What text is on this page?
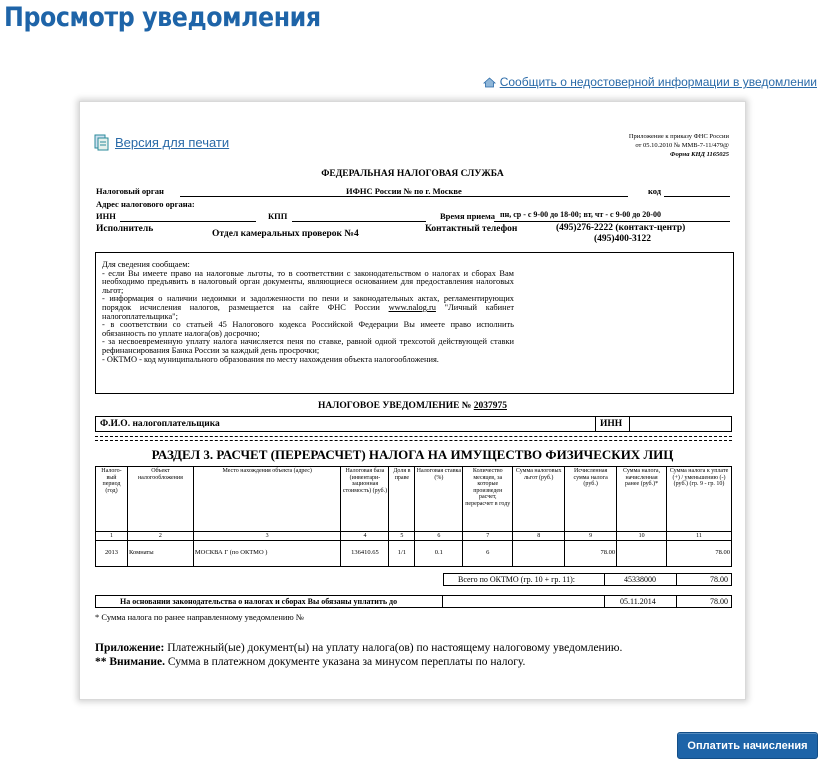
Просмотр уведомления
Сообщить о недостоверной информации в уведомлении
Версия для печати	Приложение к приказу ФНС России
от 05.10.2010 № ММВ-7-11/479@
Форма КНД 1165025
ФЕДЕРАЛЬНАЯ НАЛОГОВАЯ СЛУЖБА
Налоговый орган	ИФНС России № по г. Москве	код
Адрес налогового органа:
ИНН	КПП	Время приема пн, ср - с 9-00 до 18-00; вт, чт - с 9-00 до 20-00
Исполнитель	Отдел камеральных проверок №4	Контактный телефон	(495)276-2222 (контакт-центр)
(495)400-3122

Для сведения сообщаем:

- если Вы имеете право на налоговые льготы, то в соответствии с законодательством о налогах и сборах Вам необходимо предъявить в налоговый орган документы, являющиеся основанием для предоставления налоговых льгот;

- информация о наличии недоимки и задолженности по пени и законодательных актах, регламентирующих порядок исчисления налогов, размещается на сайте ФНС России www.nalog.ru "Личный кабинет налогоплательщика";

- в соответствии со статьей 45 Налогового кодекса Российской Федерации Вы имеете право исполнить обязанность по уплате налога(ов) досрочно;

- за несвоевременную уплату налога начисляется пеня по ставке, равной одной трехсотой действующей ставки рефинансирования Банка России за каждый день просрочки;

- ОКТМО - код муниципального образования по месту нахождения объекта налогообложения.

НАЛОГОВОЕ УВЕДОМЛЕНИЕ № 2037975
Ф.И.О. налогоплательщика	ИНН
РАЗДЕЛ 3. РАСЧЕТ (ПЕРЕРАСЧЕТ) НАЛОГА НА ИМУЩЕСТВО ФИЗИЧЕСКИХ ЛИЦ
Налого-вый период (год)	Объект налогообложения	Место нахождения объекта (адрес)	Налоговая база (инвентари-зационная стоимость) (руб.)	Доля в праве	Налоговая ставка (%)	Количество месяцев, за которые произведен расчет, перерасчет в году	Сумма налоговых льгот (руб.)	Исчисленная сумма налога (руб.)	Сумма налога, начисленная ранее (руб.)*	Сумма налога к уплате (+) / уменьшению (-) (руб.) (гр. 9 - гр. 10)
1	2	3	4	5	6	7	8	9	10	11
2013	Комнаты	МОСКВА Г (по ОКТМО )	136410.65	1/1	0.1	6		78.00		78.00
Всего по ОКТМО (гр. 10 + гр. 11):	45338000	78.00
На основании законодательства о налогах и сборах Вы обязаны уплатить до	05.11.2014	78.00
* Сумма налога по ранее направленному уведомлению №
Приложение: Платежный(ые) документ(ы) на уплату налога(ов) по настоящему налоговому уведомлению.
** Внимание. Сумма в платежном документе указана за минусом переплаты по налогу.
Оплатить начисления
